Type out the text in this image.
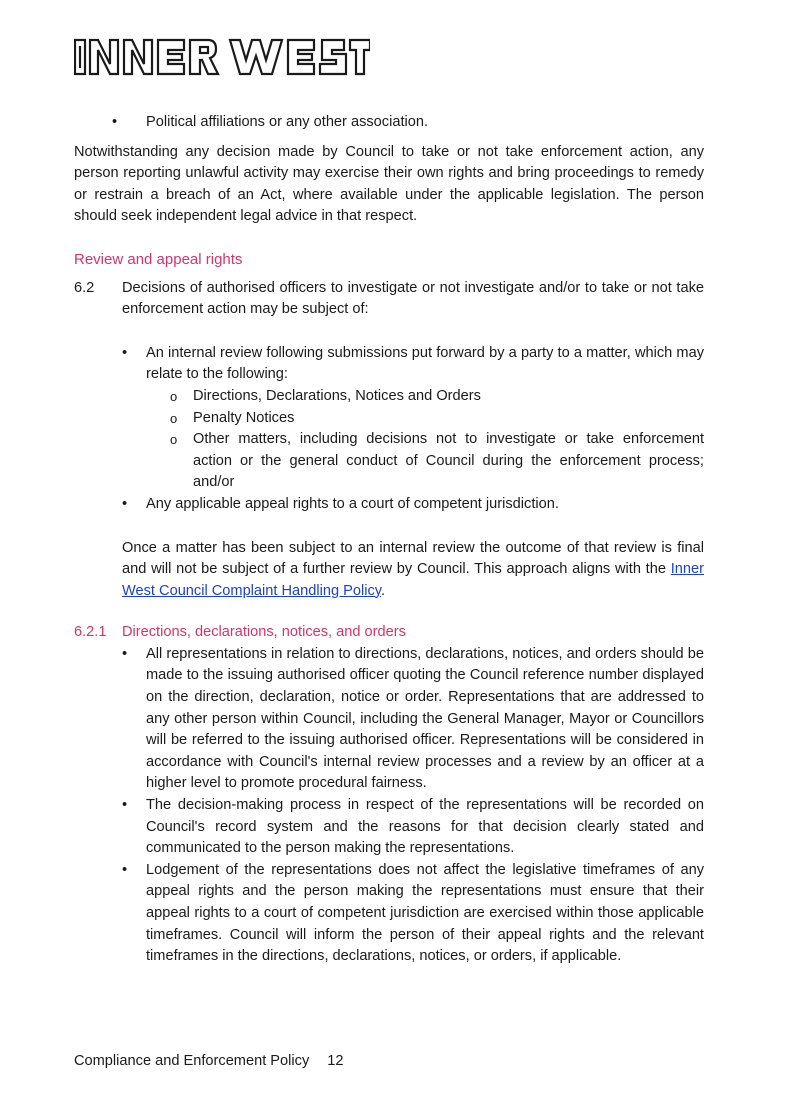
• Political affiliations or any other association.

Notwithstanding any decision made by Council to take or not take enforcement action, any person reporting unlawful activity may exercise their own rights and bring proceedings to remedy or restrain a breach of an Act, where available under the applicable legislation. The person should seek independent legal advice in that respect.

Review and appeal rights

6.2 Decisions of authorised officers to investigate or not investigate and/or to take or not take enforcement action may be subject of:

• An internal review following submissions put forward by a party to a matter, which may relate to the following:
o Directions, Declarations, Notices and Orders
o Penalty Notices
o Other matters, including decisions not to investigate or take enforcement action or the general conduct of Council during the enforcement process; and/or
• Any applicable appeal rights to a court of competent jurisdiction.

Once a matter has been subject to an internal review the outcome of that review is final and will not be subject of a further review by Council. This approach aligns with the Inner West Council Complaint Handling Policy.

6.2.1 Directions, declarations, notices, and orders
• All representations in relation to directions, declarations, notices, and orders should be made to the issuing authorised officer quoting the Council reference number displayed on the direction, declaration, notice or order. Representations that are addressed to any other person within Council, including the General Manager, Mayor or Councillors will be referred to the issuing authorised officer. Representations will be considered in accordance with Council's internal review processes and a review by an officer at a higher level to promote procedural fairness.
• The decision-making process in respect of the representations will be recorded on Council's record system and the reasons for that decision clearly stated and communicated to the person making the representations.
• Lodgement of the representations does not affect the legislative timeframes of any appeal rights and the person making the representations must ensure that their appeal rights to a court of competent jurisdiction are exercised within those applicable timeframes. Council will inform the person of their appeal rights and the relevant timeframes in the directions, declarations, notices, or orders, if applicable.
Compliance and Enforcement Policy 12
